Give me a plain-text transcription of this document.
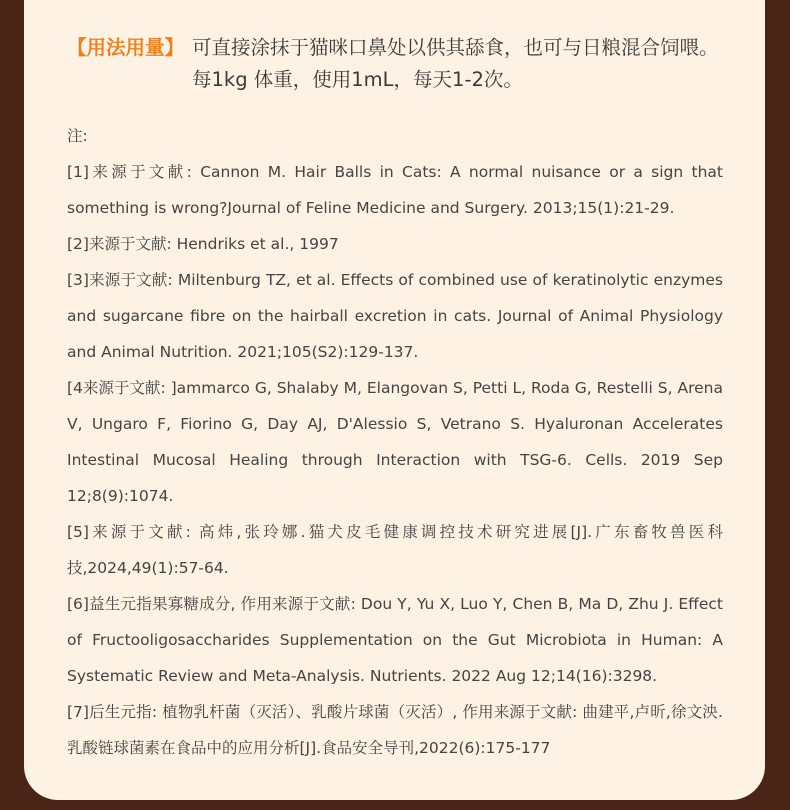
【用法用量】 可直接涂抹于猫咪口鼻处以供其舔食，也可与日粮混合饲喂。每1kg 体重，使用1mL，每天1-2次。

注:

[1]来源于文献: Cannon M. Hair Balls in Cats: A normal nuisance or a sign that something is wrong?Journal of Feline Medicine and Surgery. 2013;15(1):21-29.

[2]来源于文献: Hendriks et al., 1997

[3]来源于文献: Miltenburg TZ, et al. Effects of combined use of keratinolytic enzymes and sugarcane fibre on the hairball excretion in cats. Journal of Animal Physiology and Animal Nutrition. 2021;105(S2):129-137.

[4来源于文献: ]ammarco G, Shalaby M, Elangovan S, Petti L, Roda G, Restelli S, Arena V, Ungaro F, Fiorino G, Day AJ, D'Alessio S, Vetrano S. Hyaluronan Accelerates Intestinal Mucosal Healing through Interaction with TSG-6. Cells. 2019 Sep 12;8(9):1074.

[5]来源于文献: 高炜,张玲娜.猫犬皮毛健康调控技术研究进展[J].广东畜牧兽医科技,2024,49(1):57-64.

[6]益生元指果寡糖成分, 作用来源于文献: Dou Y, Yu X, Luo Y, Chen B, Ma D, Zhu J. Effect of Fructooligosaccharides Supplementation on the Gut Microbiota in Human: A Systematic Review and Meta-Analysis. Nutrients. 2022 Aug 12;14(16):3298.

[7]后生元指: 植物乳杆菌（灭活）、乳酸片球菌（灭活）, 作用来源于文献: 曲建平,卢昕,徐文泱.乳酸链球菌素在食品中的应用分析[J].食品安全导刊,2022(6):175-177
